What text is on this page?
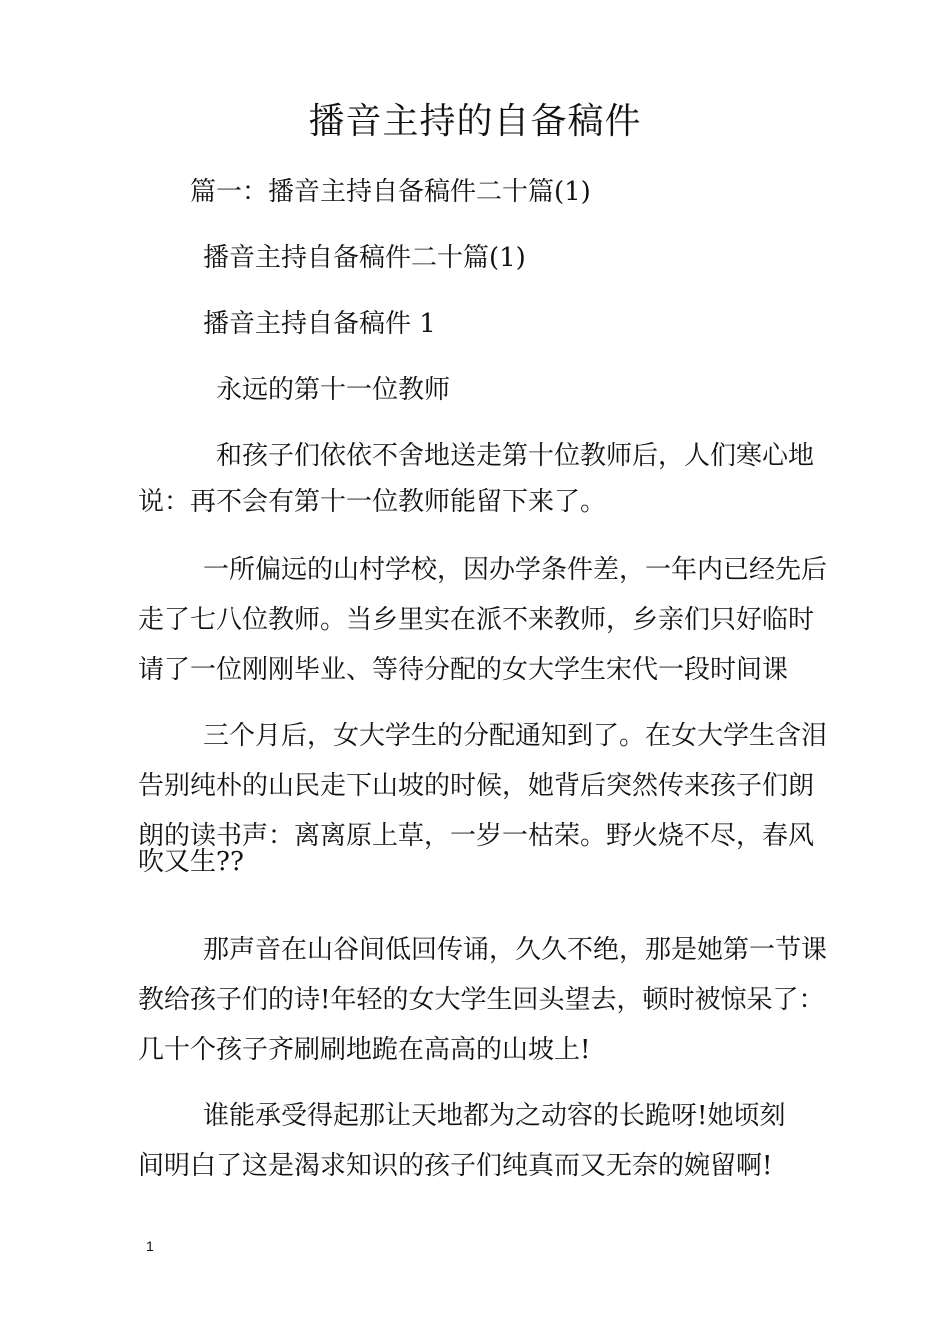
播音主持的自备稿件
篇一：播音主持自备稿件二十篇(1)
播音主持自备稿件二十篇(1)
播音主持自备稿件 1
永远的第十一位教师
和孩子们依依不舍地送走第十位教师后，人们寒心地
说：再不会有第十一位教师能留下来了。
一所偏远的山村学校，因办学条件差，一年内已经先后
走了七八位教师。当乡里实在派不来教师，乡亲们只好临时
请了一位刚刚毕业、等待分配的女大学生宋代一段时间课
三个月后，女大学生的分配通知到了。在女大学生含泪
告别纯朴的山民走下山坡的时候，她背后突然传来孩子们朗
朗的读书声：离离原上草，一岁一枯荣。野火烧不尽，春风
吹又生??
那声音在山谷间低回传诵，久久不绝，那是她第一节课
教给孩子们的诗!年轻的女大学生回头望去，顿时被惊呆了：
几十个孩子齐刷刷地跪在高高的山坡上!
谁能承受得起那让天地都为之动容的长跪呀!她顷刻
间明白了这是渴求知识的孩子们纯真而又无奈的婉留啊!
1
